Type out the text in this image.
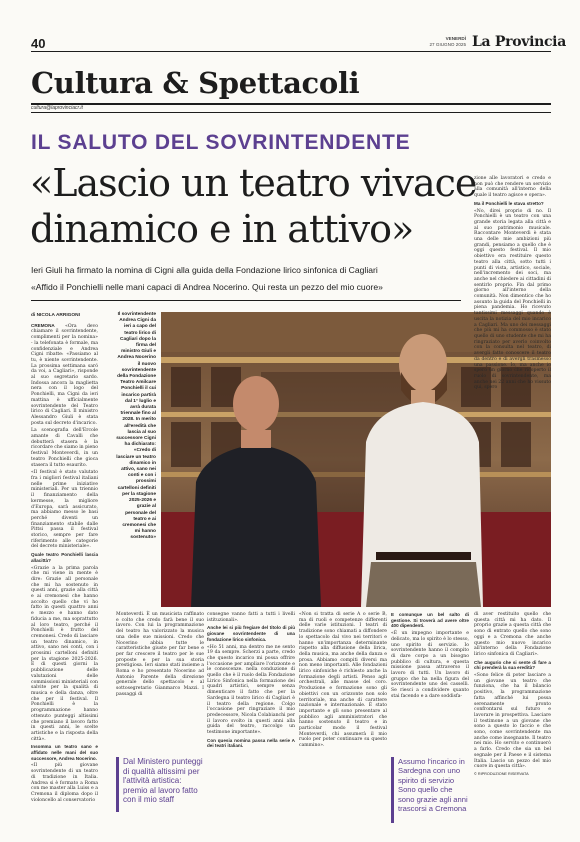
40	VENERDÌ
27 GIUGNO 2025 La Provincia
Cultura & Spettacoli
cultura@laprovinciacr.it
IL SALUTO DEL SOVRINTENDENTE
«Lascio un teatro vivace
dinamico e in attivo»
Ieri Giuli ha firmato la nomina di Cigni alla guida della Fondazione lirico sinfonica di Cagliari
«Affido il Ponchielli nelle mani capaci di Andrea Nocerino. Qui resta un pezzo del mio cuore»
di NICOLA ARRIGONI

CREMONA «Ora devo chiamare il sovrintendente, complimenti per la nomina» - la telefonata è formale, ma confidenziale e Andrea Cigni ribatte: «Passiamo al tu, è niente sovrintendente. La prossima settimana saró da voi, a Cagliari», risponde al suo segretario sardo. Indossa ancora la maglietta nera con il logo del Ponchielli, ma Cigni da ieri mattina è ufficialmente sovrintendente del Teatro lirico di Cagliari. Il ministro Alessandro Giuli è stata posta sul decreto d'incarico.

La scenografia dell'Ercole amante di Cavalli che debutterà stasera è la ricordare che siamo in pieno festival Monteverdi, in un teatro Ponchielli che gioca stasera il tutto esaurito.

«Il festival è stato valutato fra i migliori festival italiani nelle prime iniziative ministeriali. Per un triennio il finanziamento della kermesse, la migliore d'Europa, sarà assicurato, ma abbiamo messo le basi perché diventi un finanziamento stabile dalle Pittsi passa il festival storico, sempre per fare riferimento alle categorie del decreto ministeriale».

Quale teatro Ponchielli lascia allacittà?

«Grazie a la prima parola che mi viene in mente è dire: Grazie all personale che mi ha sostenuto in questi anni, grazie alla città e ai cremonesi che hanno accolto quello che vi ho fatto in questi quattro anni e mezzo e hanno dato fiducia a me, ma soprattutto al loro teatro, perché il Ponchielli è frutto del cremonesi. Credo di lasciare un teatro dinamico, in attivo, sano nei conti, con i prossimi cartelloni definiti per la stagione 2025-2026. E di questi giorni la pubblicazione delle valutazioni delle commissioni ministeriali con salvite per la qualità di musica e della danza, oltre che per il festival. Il Ponchielli è la programmazione hanno ottenuto punteggi altissimi che premiano il lavoro fatto in questi anni, le scelte artistiche e la risposta della città».

Insomma un teatro sano e affidato nelle mani del suo successore, Andrea Nocerino.

«Il più giovane sovrintendente di un teatro di tradizione in Italia. Andrea si è formato a Roma con me master alla Luiss e a Cremona il diploma dopo il violoncello al conservatorio

Il sovrintendente Andrea Cigni da ieri a capo del teatro lirico di Cagliari dopo la firma del ministro Giuli e Andrea Nocerino il nuovo sovrintendente della Fondazione Teatro Amilcare Ponchielli il cui incarico partirà dal 1° luglio e avrà durata triennale fino al 2028. In merito all'eredità che lascia al suo successore Cigni ha dichiarato: «Credo di lasciare un teatro dinamico in attivo, sano nei conti e con i prossimi cartelloni definiti per la stagione 2025-2026 e grazie al personale del teatro e ai cremonesi che mi hanno sostenuto»

Monteverdi. È un musicista raffinato e colto che credo farà bene il suo lavoro. Con lui la programmazione del teatro ha valorizzato la musica una delle sue missioni. Credo che Nocerino abbia tutte le caratteristiche giuste per far bene e per far crescere il teatro per le sue proposte e per la sua storia prestigiosa. Ieri siamo stati insieme a Roma e ho presentato Nocerino ad Antonio Parente della direzione generale dello spettacolo e al sottosegretario Gianmarco Mazzi. I passaggi di

Dal Ministero punteggi di qualità altissimi per l'attività artistica: premio al lavoro fatto con il mio staff

consegne vanno fatti a tutti i livelli istituzionali».

Anche lei si più fregiare del titolo di più giovane sovrintendente di una fondazione lirico sinfonica.

«Ho 51 anni, ma dentro me ne sento 19 da sempre. Scherzi a parte, credo che questo incarico mi possa offrire l'occasione per ampliare l'orizzonte e le conoscenze. nella conduzione di quello che è il ruolo della Fondazione Lirico Sinfonica nella formazione dei quadri artistici, sempre senza dimenticare il fatto che per la Sardegna il teatro lirico di Cagliari è il teatro della regione. Colgo l'occasione per ringraziare il mio predecessore, Nicola Colabianchi per il lavoro svolto in questi anni alla guida del teatro, raccolgo un testimone importante».

Con quesia nomina passa nella serie A dei teatri italiani.

«Non si tratta di serie A o serie B, ma di ruoli e competenze differenti delle varie istituzioni. I teatri di tradizione sono chiamati a diffondere lo spettacolo dal vivo nei territori e hanno un'importanza determinante rispetto alla diffusione della lirica, della musica, ma anche della danza e prosa. Abbiamo compiti diversi ma non meno importanti. Alle fondazioni lirico sinfoniche è richiesto anche la formazione degli artisti. Penso agli orchestrali, alle masse del coro. Produzione e formazione sono gli obiettivi con un orizzonte non solo territoriale, ma anche di carattere nazionale e internazionale. È stato importante e gli sono presentare al pubblico agli amministratori che hanno sostenuto il teatro e in particolar modo il festival Monteverdi, chi assumerà il mio ruolo per poter continuare su questo cammino».

E comunque un bel salto di gestione. Si troverà ad avere oltre 400 dipendenti.

«È un impegno importante e delicato, ma lo spirito è lo stesso, uno spirito di servizio. Io sovrintendente hanno il compito di dare corpo a un bisogno pubblico di cultura, e questa missione passa attraverso il lavoro di tutti. Un lavoro di gruppo che ha nella figura del sovrintendente uno dei casselli. Se riesci a condividere quanto stai facendo e a dare soddisfa-

Assumo l'incarico in Sardegna con uno spirito di servizio Sono quello che sono grazie agli anni trascorsi a Cremona

zione alle lavoratori e credo e non può che rendere un servizio alla comunità all'interno della quale il teatro agisce e opera».

Ma il Ponchielli le stava stretto?

«No, direi proprio di no. Il Ponchielli è un teatro con una grande storia legata alla città e al suo patrimonio musicale. Raccontare Monteverdi è stata una delle mie ambizioni più grandi, pensiamo a quello che è oggi questo festival. Il mio obiettivo era restituire questo teatro alla città, sotto tutti i punti di vista, artistico, sociale, nell'incremento dei soci, ma anche nel chiedere ai cittadini di sentirlo proprio. Fin dal primo giorno all'interno della comunità. Non dimentico che ho assunto la guida del Ponchielli in piena pandemia. Ho ricevuto tantissimi messaggi quando è uscita la notizia del mio incarico a Cagliari. Ma uno dei messaggi che più mi ha commosso è stato quello di uno studente che mi ha ringraziato per averlo coinvolto con la consulta nel teatro, di avergli fatto conoscere il teatro da dentro e di avergli trasmesso una passione. Io, ma anche io spero un giorno che ricoperto il ruolo di sovrintendente, ma anche nei 22 anni che ho vissuto qui, spero

di aver restituito quello che questa città mi ha dato. Il proprio grazie a questa città che sono di entrato quello che sono oggi e a Cremona che anche questo mio nuovo incarico all'interno della Fondazione lirico sinfonica di Cagliari».

Che augurio che si sente di fare a chi prenderà la sua eredità?

«Sono felice di poter lasciare a un giovane un teatro che funziona, che ha il bilancio positivo, la programmazione fatta affinché lui possa serenamente pronto confrontarsi sul futuro e lavorare in prospettiva. Lasciare il testimone a un giovane che sono a questo lo faccio e che sono, come sovrintendente ma anche come insegnante. Il teatro nei mio. Ho servito e continuerò a farlo. Credo che sia un bel segnale per il Paese e il sistema Italia. Lascio un pezzo del mio cuore in questa città».

© RIPRODUZIONE RISERVATA
